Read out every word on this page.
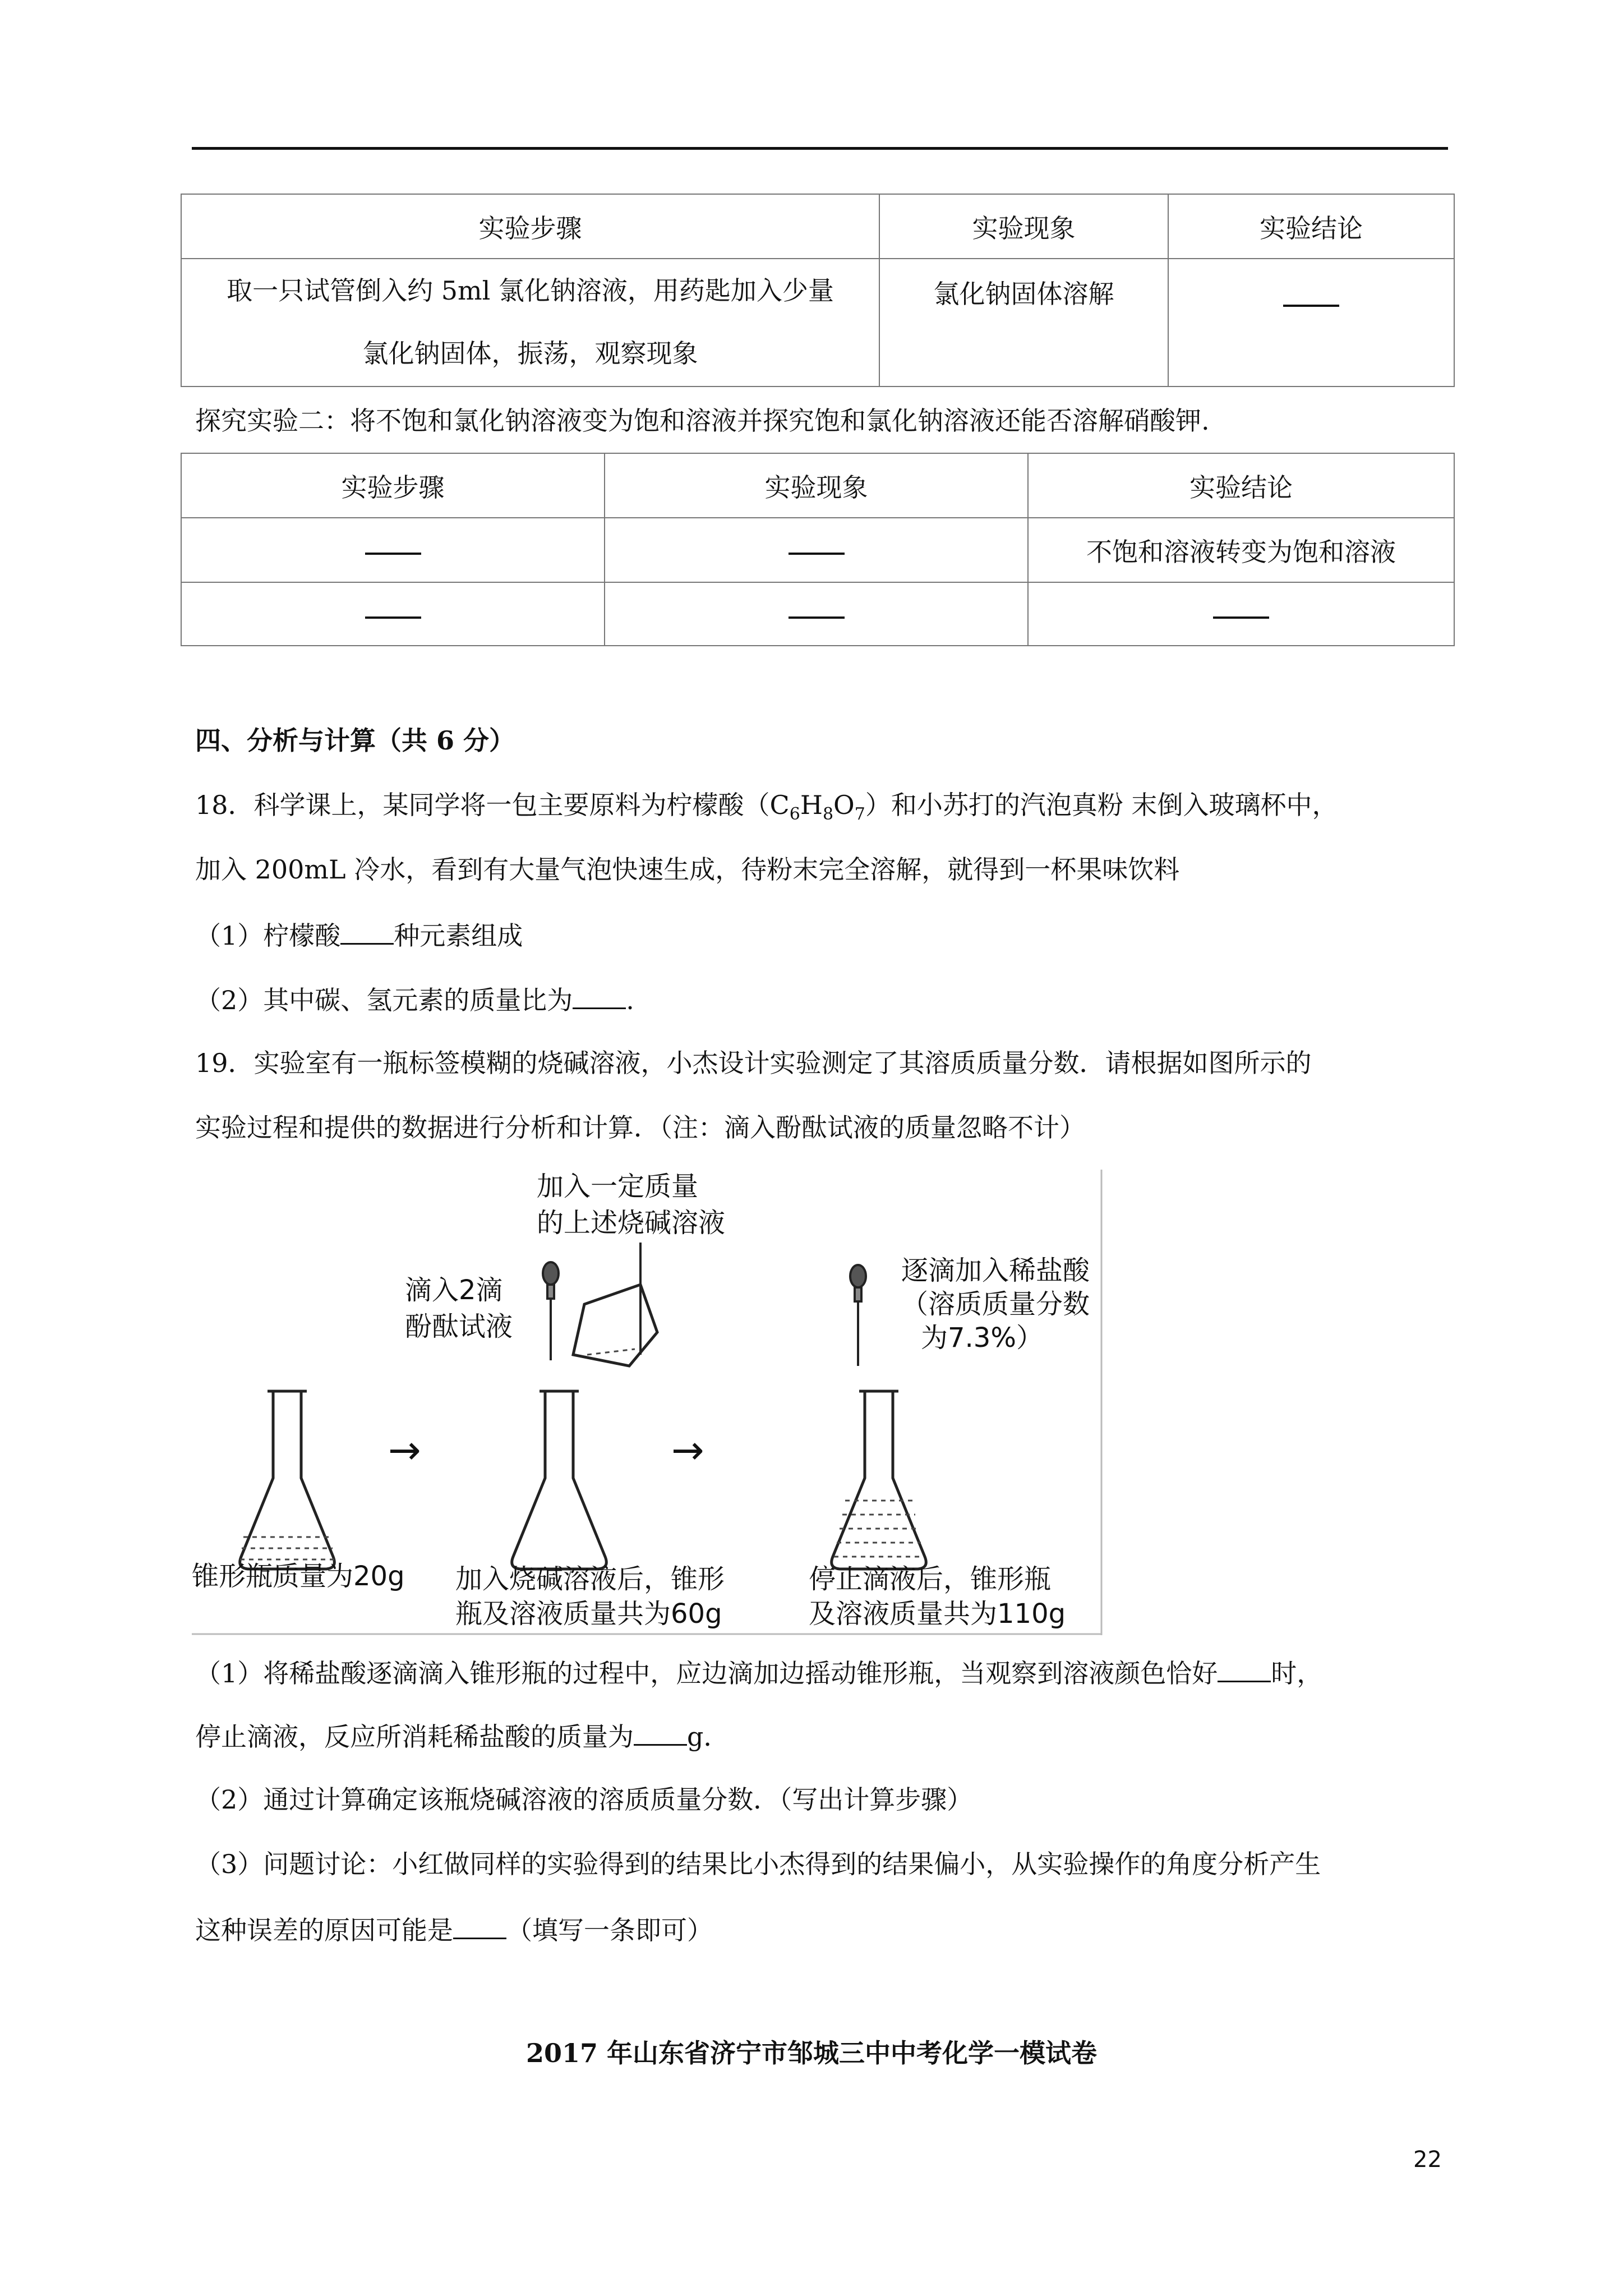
实验步骤	实验现象	实验结论

取一只试管倒入约 5ml 氯化钠溶液，用药匙加入少量
氯化钠固体，振荡，观察现象	氯化钠固体溶解	
探究实验二：将不饱和氯化钠溶液变为饱和溶液并探究饱和氯化钠溶液还能否溶解硝酸钾.
实验步骤	实验现象	实验结论
		不饱和溶液转变为饱和溶液

四、分析与计算（共 6 分）
18．科学课上，某同学将一包主要原料为柠檬酸$(C_6H_8O_7)$和小苏打的汽泡真粉 末倒入玻璃杯中，
加入 200mL 冷水，看到有大量气泡快速生成，待粉末完全溶解，就得到一杯果味饮料
（1）柠檬酸 种元素组成
（2）其中碳、氢元素的质量比为 .
19．实验室有一瓶标签模糊的烧碱溶液，小杰设计实验测定了其溶质质量分数．请根据如图所示的
实验过程和提供的数据进行分析和计算．（注：滴入酚酞试液的质量忽略不计）
→	→
加入一定质量
的上述烧碱溶液
滴入2滴
酚酞试液
逐滴加入稀盐酸
（溶质质量分数
为7.3%）
锥形瓶质量为20g 加入烧碱溶液后，锥形
瓶及溶液质量共为60g
停止滴液后，锥形瓶
及溶液质量共为110g
（1）将稀盐酸逐滴滴入锥形瓶的过程中，应边滴加边摇动锥形瓶，当观察到溶液颜色恰好 时，
停止滴液，反应所消耗稀盐酸的质量为 g．
（2）通过计算确定该瓶烧碱溶液的溶质质量分数．（写出计算步骤）
（3）问题讨论：小红做同样的实验得到的结果比小杰得到的结果偏小，从实验操作的角度分析产生
这种误差的原因可能是 （填写一条即可）
2017 年山东省济宁市邹城三中中考化学一模试卷
22
